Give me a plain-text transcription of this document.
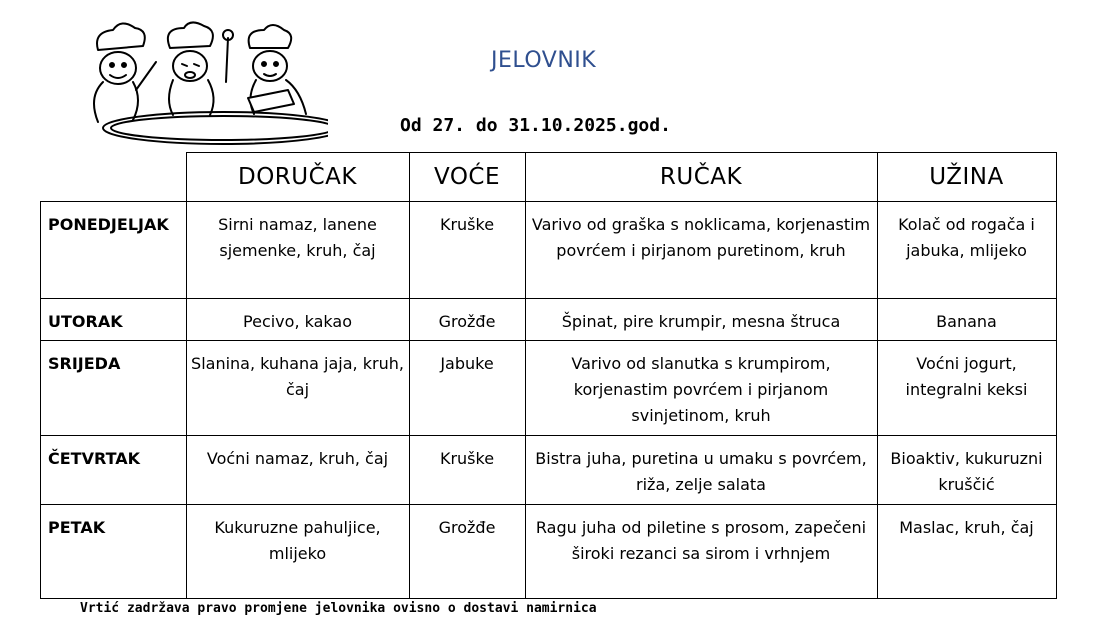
JELOVNIK
Od 27. do 31.10.2025.god.
	DORUČAK	VOĆE	RUČAK	UŽINA
PONEDJELJAK	Sirni namaz, lanene sjemenke, kruh, čaj	Kruške	Varivo od graška s noklicama, korjenastim povrćem i pirjanom puretinom, kruh	Kolač od rogača i jabuka, mlijeko
UTORAK	Pecivo, kakao	Grožđe	Špinat, pire krumpir, mesna štruca	Banana
SRIJEDA	Slanina, kuhana jaja, kruh, čaj	Jabuke	Varivo od slanutka s krumpirom, korjenastim povrćem i pirjanom svinjetinom, kruh	Voćni jogurt, integralni keksi
ČETVRTAK	Voćni namaz, kruh, čaj	Kruške	Bistra juha, puretina u umaku s povrćem, riža, zelje salata	Bioaktiv, kukuruzni kruščić
PETAK	Kukuruzne pahuljice, mlijeko	Grožđe	Ragu juha od piletine s prosom, zapečeni široki rezanci sa sirom i vrhnjem	Maslac, kruh, čaj
Vrtić zadržava pravo promjene jelovnika ovisno o dostavi namirnica
